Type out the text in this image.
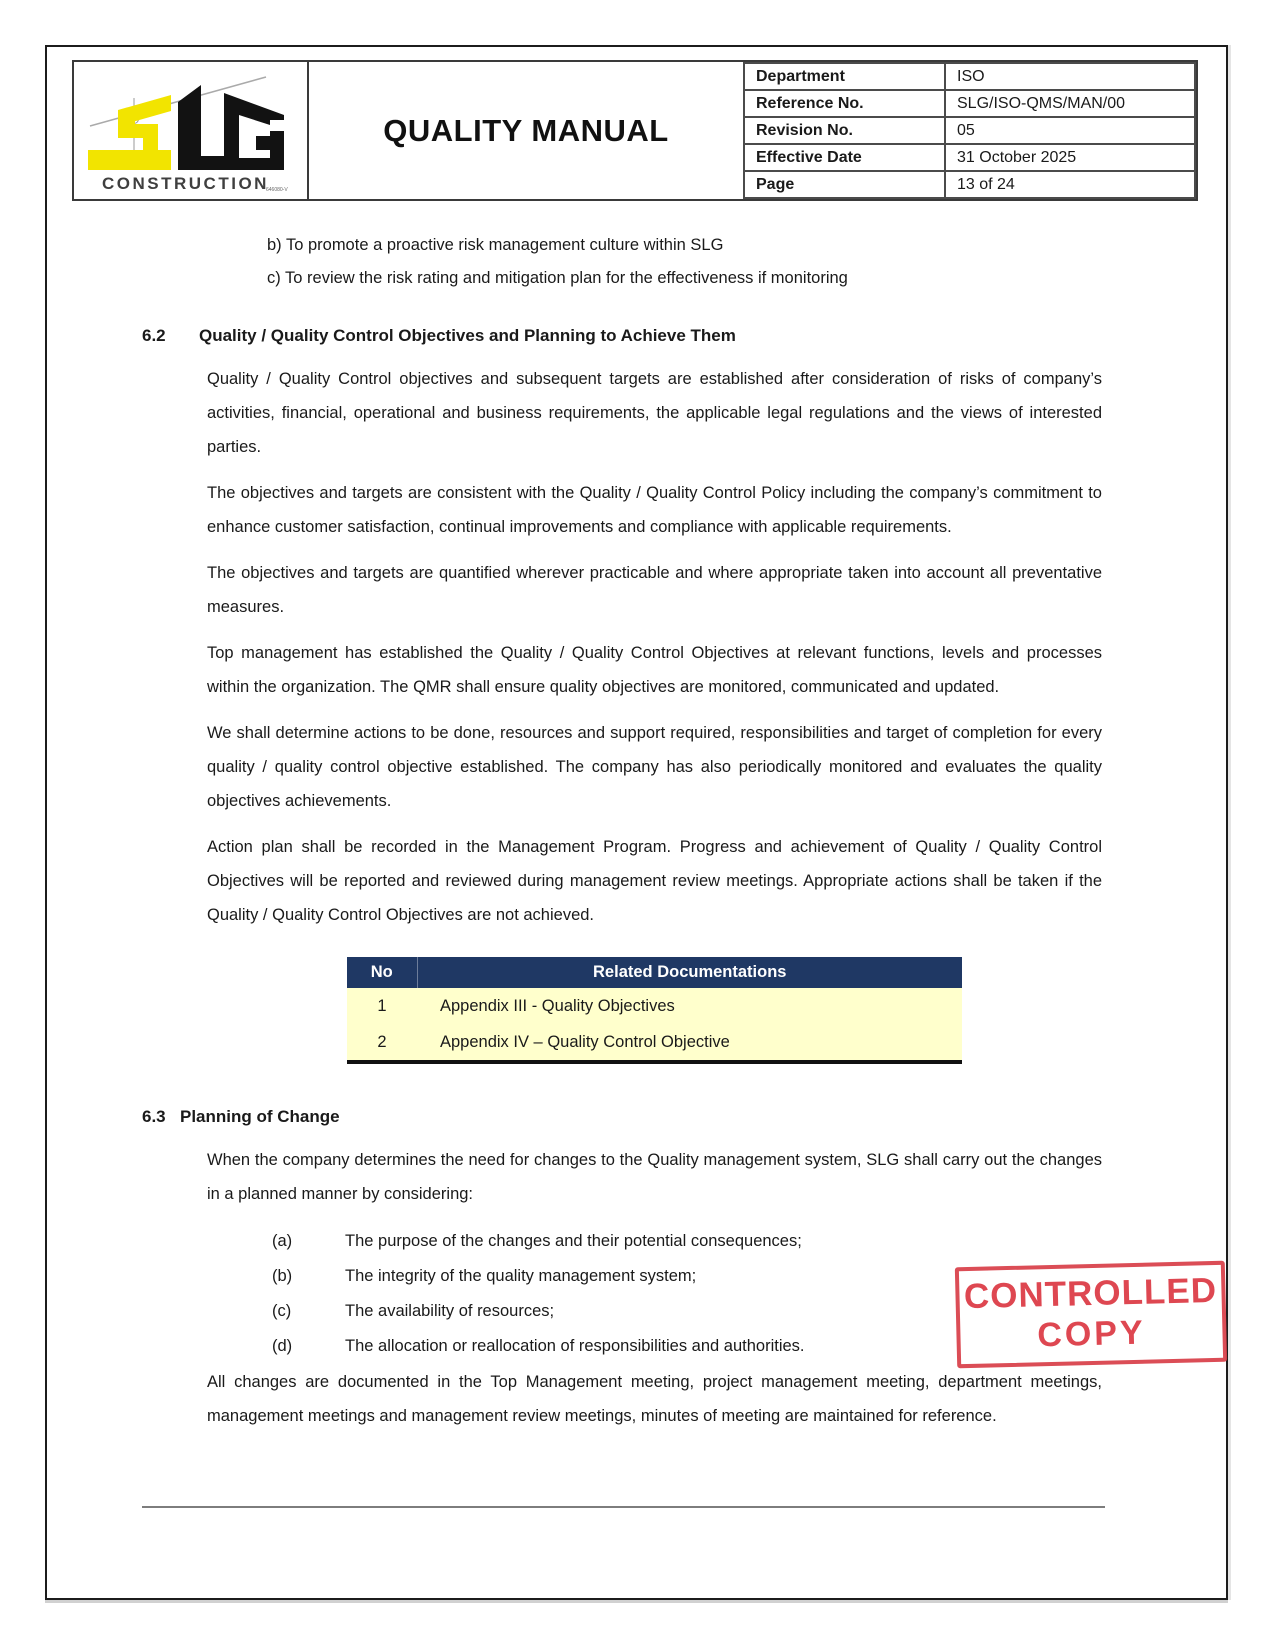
CONSTRUCTION
646080-V
QUALITY MANUAL
Department	ISO
Reference No.	SLG/ISO-QMS/MAN/00
Revision No.	05
Effective Date	31 October 2025
Page	13 of 24
b) To promote a proactive risk management culture within SLG
c) To review the risk rating and mitigation plan for the effectiveness if monitoring
6.2	Quality / Quality Control Objectives and Planning to Achieve Them

Quality / Quality Control objectives and subsequent targets are established after consideration of risks of company’s activities, financial, operational and business requirements, the applicable legal regulations and the views of interested parties.

The objectives and targets are consistent with the Quality / Quality Control Policy including the company’s commitment to enhance customer satisfaction, continual improvements and compliance with applicable requirements.

The objectives and targets are quantified wherever practicable and where appropriate taken into account all preventative measures.

Top management has established the Quality / Quality Control Objectives at relevant functions, levels and processes within the organization. The QMR shall ensure quality objectives are monitored, communicated and updated.

We shall determine actions to be done, resources and support required, responsibilities and target of completion for every quality / quality control objective established. The company has also periodically monitored and evaluates the quality objectives achievements.

Action plan shall be recorded in the Management Program. Progress and achievement of Quality / Quality Control Objectives will be reported and reviewed during management review meetings. Appropriate actions shall be taken if the Quality / Quality Control Objectives are not achieved.

No	Related Documentations
1	Appendix III - Quality Objectives
2	Appendix IV – Quality Control Objective
6.3 Planning of Change

When the company determines the need for changes to the Quality management system, SLG shall carry out the changes in a planned manner by considering:

(a)	The purpose of the changes and their potential consequences;
(b)	The integrity of the quality management system;
(c)	The availability of resources;
(d)	The allocation or reallocation of responsibilities and authorities.

All changes are documented in the Top Management meeting, project management meeting, department meetings, management meetings and management review meetings, minutes of meeting are maintained for reference.

CONTROLLED
COPY
